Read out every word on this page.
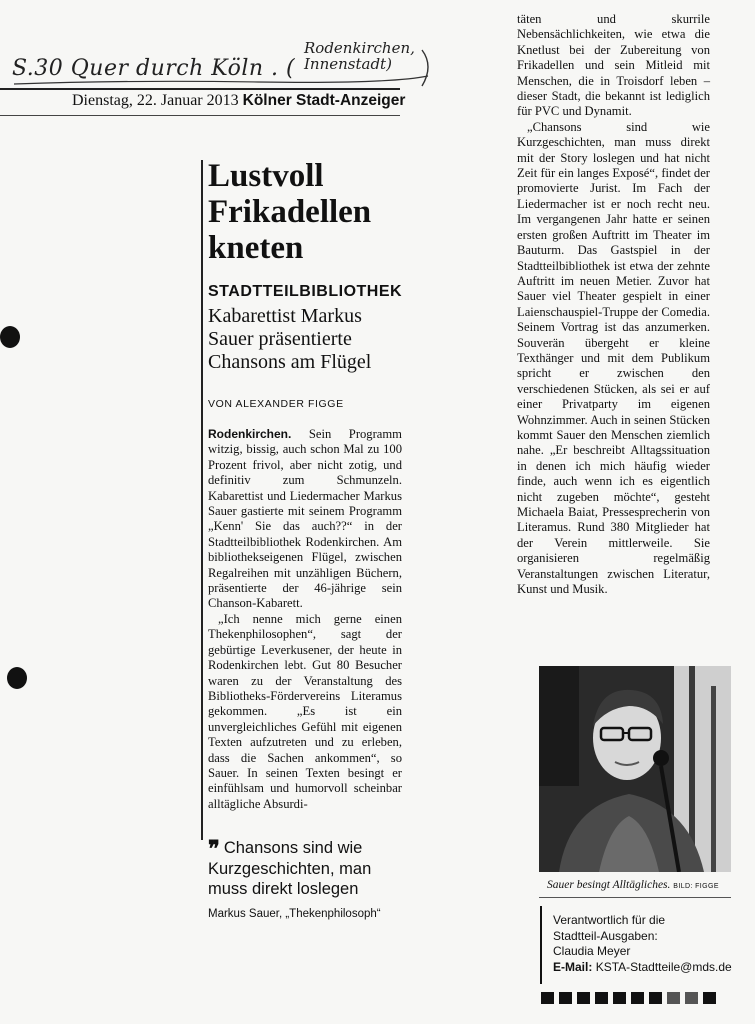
S.30 Quer durch Köln . (
Rodenkirchen,
Innenstadt)
Dienstag, 22. Januar 2013 Kölner Stadt-Anzeiger
Lustvoll
Frikadellen
kneten
STADTTEILBIBLIOTHEK
Kabarettist Markus Sauer präsentierte Chansons am Flügel
VON ALEXANDER FIGGE

Rodenkirchen. Sein Programm witzig, bissig, auch schon Mal zu 100 Prozent frivol, aber nicht zotig, und definitiv zum Schmunzeln. Kabarettist und Liedermacher Markus Sauer gastierte mit seinem Programm „Kenn' Sie das auch??“ in der Stadtteilbibliothek Rodenkirchen. Am bibliothekseigenen Flügel, zwischen Regalreihen mit unzähligen Büchern, präsentierte der 46-jährige sein Chanson-Kabarett.

„Ich nenne mich gerne einen Thekenphilosophen“, sagt der gebürtige Leverkusener, der heute in Rodenkirchen lebt. Gut 80 Besucher waren zu der Veranstaltung des Bibliotheks-Fördervereins Literamus gekommen. „Es ist ein unvergleichliches Gefühl mit eigenen Texten aufzutreten und zu erleben, dass die Sachen ankommen“, so Sauer. In seinen Texten besingt er einfühlsam und humorvoll scheinbar alltägliche Absurdi-

❞ Chansons sind wie Kurzgeschichten, man muss direkt loslegen
Markus Sauer, „Thekenphilosoph“

täten und skurrile Nebensächlichkeiten, wie etwa die Knetlust bei der Zubereitung von Frikadellen und sein Mitleid mit Menschen, die in Troisdorf leben – dieser Stadt, die bekannt ist lediglich für PVC und Dynamit.

„Chansons sind wie Kurzgeschichten, man muss direkt mit der Story loslegen und hat nicht Zeit für ein langes Exposé“, findet der promovierte Jurist. Im Fach der Liedermacher ist er noch recht neu. Im vergangenen Jahr hatte er seinen ersten großen Auftritt im Theater im Bauturm. Das Gastspiel in der Stadtteilbibliothek ist etwa der zehnte Auftritt im neuen Metier. Zuvor hat Sauer viel Theater gespielt in einer Laienschauspiel-Truppe der Comedia. Seinem Vortrag ist das anzumerken. Souverän übergeht er kleine Texthänger und mit dem Publikum spricht er zwischen den verschiedenen Stücken, als sei er auf einer Privatparty im eigenen Wohnzimmer. Auch in seinen Stücken kommt Sauer den Menschen ziemlich nahe. „Er beschreibt Alltagssituation in denen ich mich häufig wieder finde, auch wenn ich es eigentlich nicht zugeben möchte“, gesteht Michaela Baiat, Pressesprecherin von Literamus. Rund 380 Mitglieder hat der Verein mittlerweile. Sie organisieren regelmäßig Veranstaltungen zwischen Literatur, Kunst und Musik.

Sauer besingt Alltägliches. BILD: FIGGE
Verantwortlich für die
Stadtteil-Ausgaben:
Claudia Meyer
E-Mail: KSTA-Stadtteile@mds.de
